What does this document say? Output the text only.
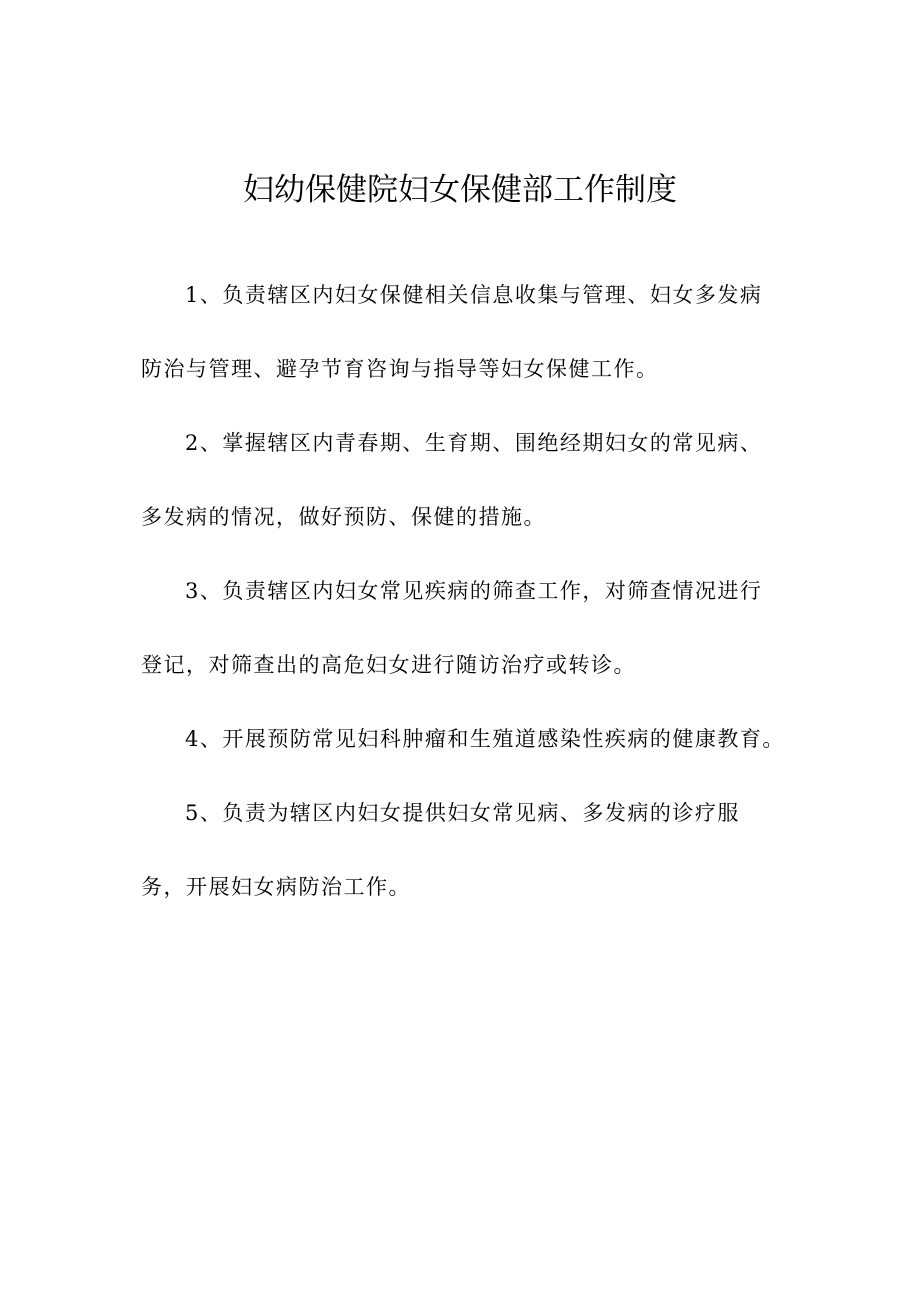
妇幼保健院妇女保健部工作制度

1、负责辖区内妇女保健相关信息收集与管理、妇女多发病
防治与管理、避孕节育咨询与指导等妇女保健工作。

2、掌握辖区内青春期、生育期、围绝经期妇女的常见病、
多发病的情况，做好预防、保健的措施。

3、负责辖区内妇女常见疾病的筛查工作，对筛查情况进行
登记，对筛查出的高危妇女进行随访治疗或转诊。

4、开展预防常见妇科肿瘤和生殖道感染性疾病的健康教育。

5、负责为辖区内妇女提供妇女常见病、多发病的诊疗服
务，开展妇女病防治工作。
